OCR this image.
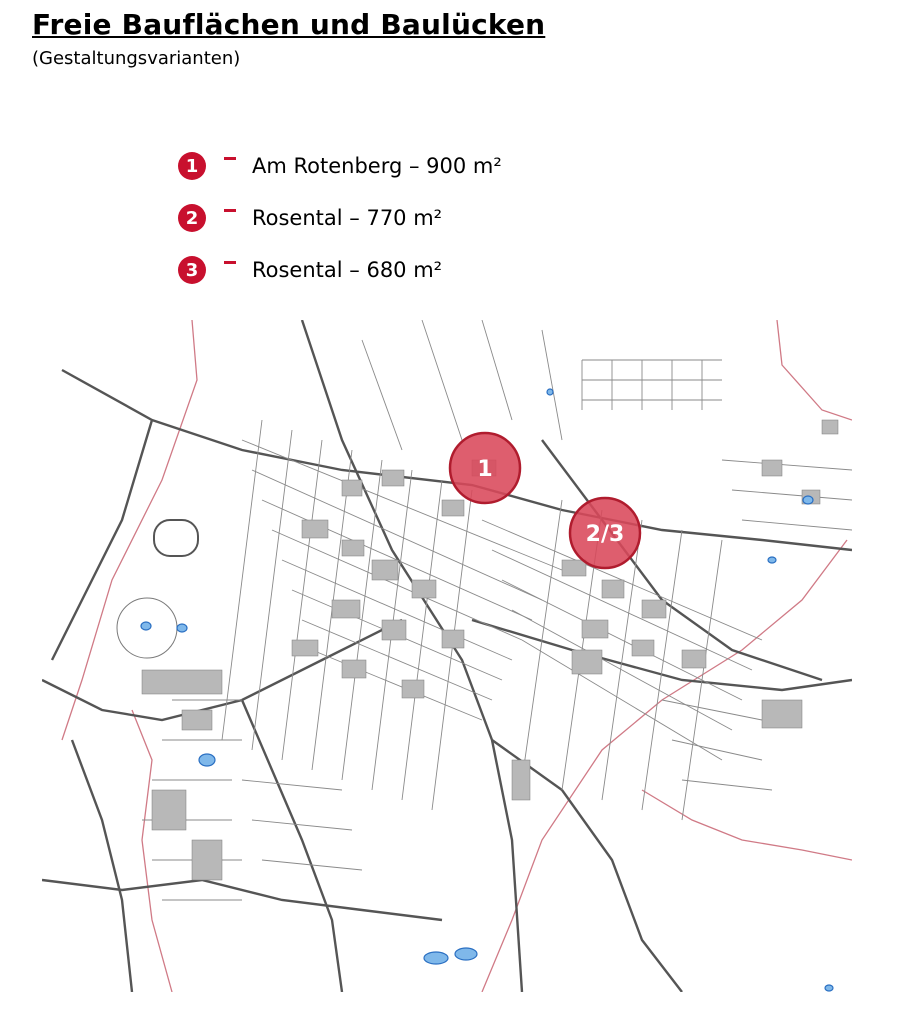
Freie Bauflächen und Baulücken
(Gestaltungsvarianten)
1	Am Rotenberg – 900 m²
2	Rosental – 770 m²
3	Rosental – 680 m²
1
2/3
